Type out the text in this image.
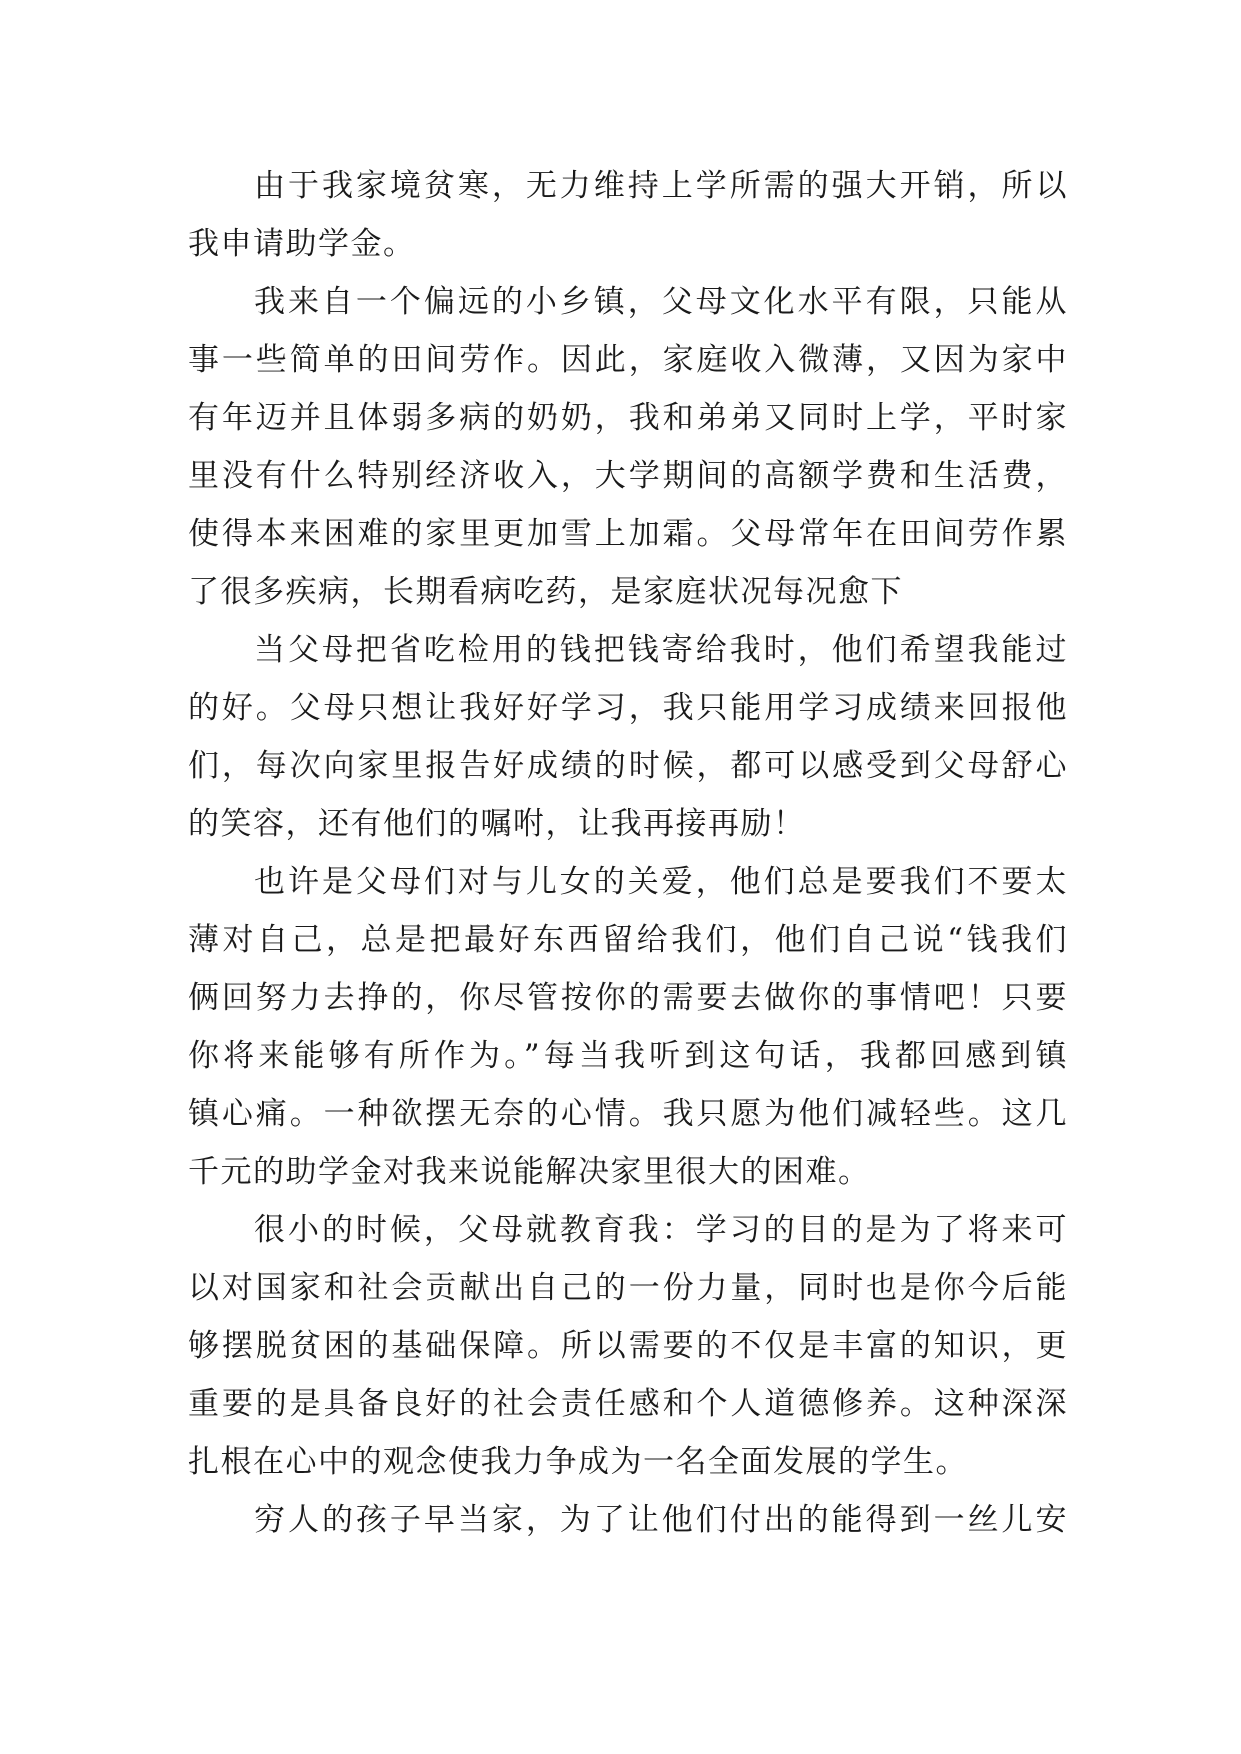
由于我家境贫寒，无力维持上学所需的强大开销，所以
我申请助学金。
我来自一个偏远的小乡镇，父母文化水平有限，只能从
事一些简单的田间劳作。因此，家庭收入微薄，又因为家中
有年迈并且体弱多病的奶奶，我和弟弟又同时上学，平时家
里没有什么特别经济收入，大学期间的高额学费和生活费，
使得本来困难的家里更加雪上加霜。父母常年在田间劳作累
了很多疾病，长期看病吃药，是家庭状况每况愈下
当父母把省吃检用的钱把钱寄给我时，他们希望我能过
的好。父母只想让我好好学习，我只能用学习成绩来回报他
们，每次向家里报告好成绩的时候，都可以感受到父母舒心
的笑容，还有他们的嘱咐，让我再接再励！
也许是父母们对与儿女的关爱，他们总是要我们不要太
薄对自己，总是把最好东西留给我们，他们自己说“钱我们
俩回努力去挣的，你尽管按你的需要去做你的事情吧！只要
你将来能够有所作为。”每当我听到这句话，我都回感到镇
镇心痛。一种欲摆无奈的心情。我只愿为他们减轻些。这几
千元的助学金对我来说能解决家里很大的困难。
很小的时候，父母就教育我：学习的目的是为了将来可
以对国家和社会贡献出自己的一份力量，同时也是你今后能
够摆脱贫困的基础保障。所以需要的不仅是丰富的知识，更
重要的是具备良好的社会责任感和个人道德修养。这种深深
扎根在心中的观念使我力争成为一名全面发展的学生。
穷人的孩子早当家，为了让他们付出的能得到一丝儿安
